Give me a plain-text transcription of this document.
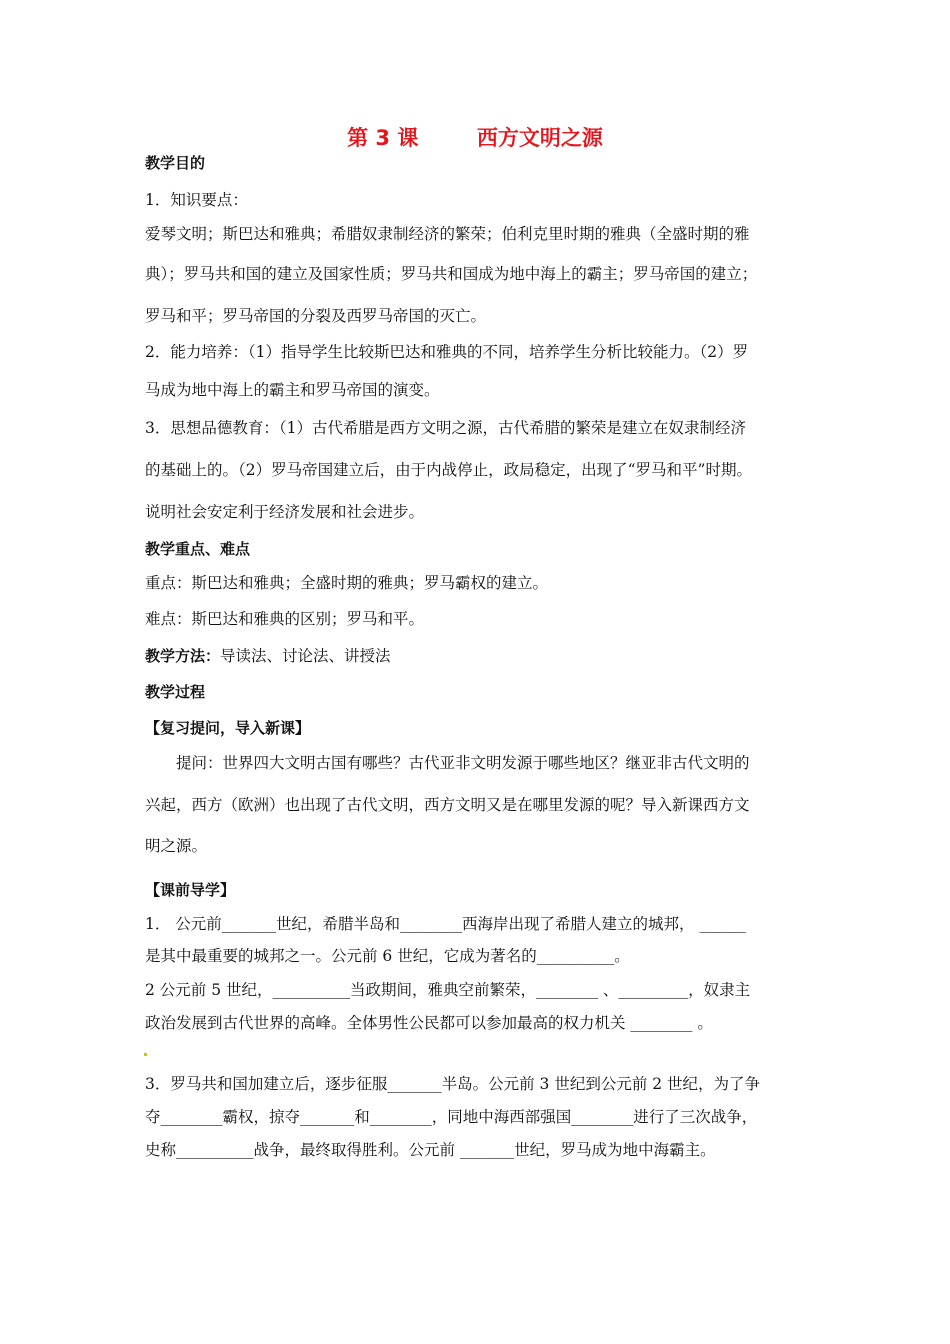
第 3 课        西方文明之源
教学目的
1．知识要点：
爱琴文明；斯巴达和雅典；希腊奴隶制经济的繁荣；伯利克里时期的雅典（全盛时期的雅
典）；罗马共和国的建立及国家性质；罗马共和国成为地中海上的霸主；罗马帝国的建立；
罗马和平；罗马帝国的分裂及西罗马帝国的灭亡。
2．能力培养：（1）指导学生比较斯巴达和雅典的不同，培养学生分析比较能力。（2）罗
马成为地中海上的霸主和罗马帝国的演变。
3．思想品德教育：（1）古代希腊是西方文明之源，古代希腊的繁荣是建立在奴隶制经济
的基础上的。（2）罗马帝国建立后，由于内战停止，政局稳定，出现了“罗马和平”时期。
说明社会安定利于经济发展和社会进步。
教学重点、难点
重点：斯巴达和雅典；全盛时期的雅典；罗马霸权的建立。
难点：斯巴达和雅典的区别；罗马和平。
教学方法：导读法、讨论法、讲授法
教学过程
【复习提问，导入新课】
　　提问：世界四大文明古国有哪些？古代亚非文明发源于哪些地区？继亚非古代文明的
兴起，西方（欧洲）也出现了古代文明，西方文明又是在哪里发源的呢？导入新课西方文
明之源。
【课前导学】
1． 公元前_______世纪，希腊半岛和________西海岸出现了希腊人建立的城邦， ______
是其中最重要的城邦之一。公元前 6 世纪，它成为著名的__________。
2 公元前 5 世纪，__________当政期间，雅典空前繁荣，________ 、_________，奴隶主
政治发展到古代世界的高峰。全体男性公民都可以参加最高的权力机关 ________ 。
3．罗马共和国加建立后，逐步征服_______半岛。公元前 3 世纪到公元前 2 世纪，为了争
夺________霸权，掠夺_______和________，同地中海西部强国________进行了三次战争，
史称__________战争，最终取得胜利。公元前 _______世纪，罗马成为地中海霸主。
